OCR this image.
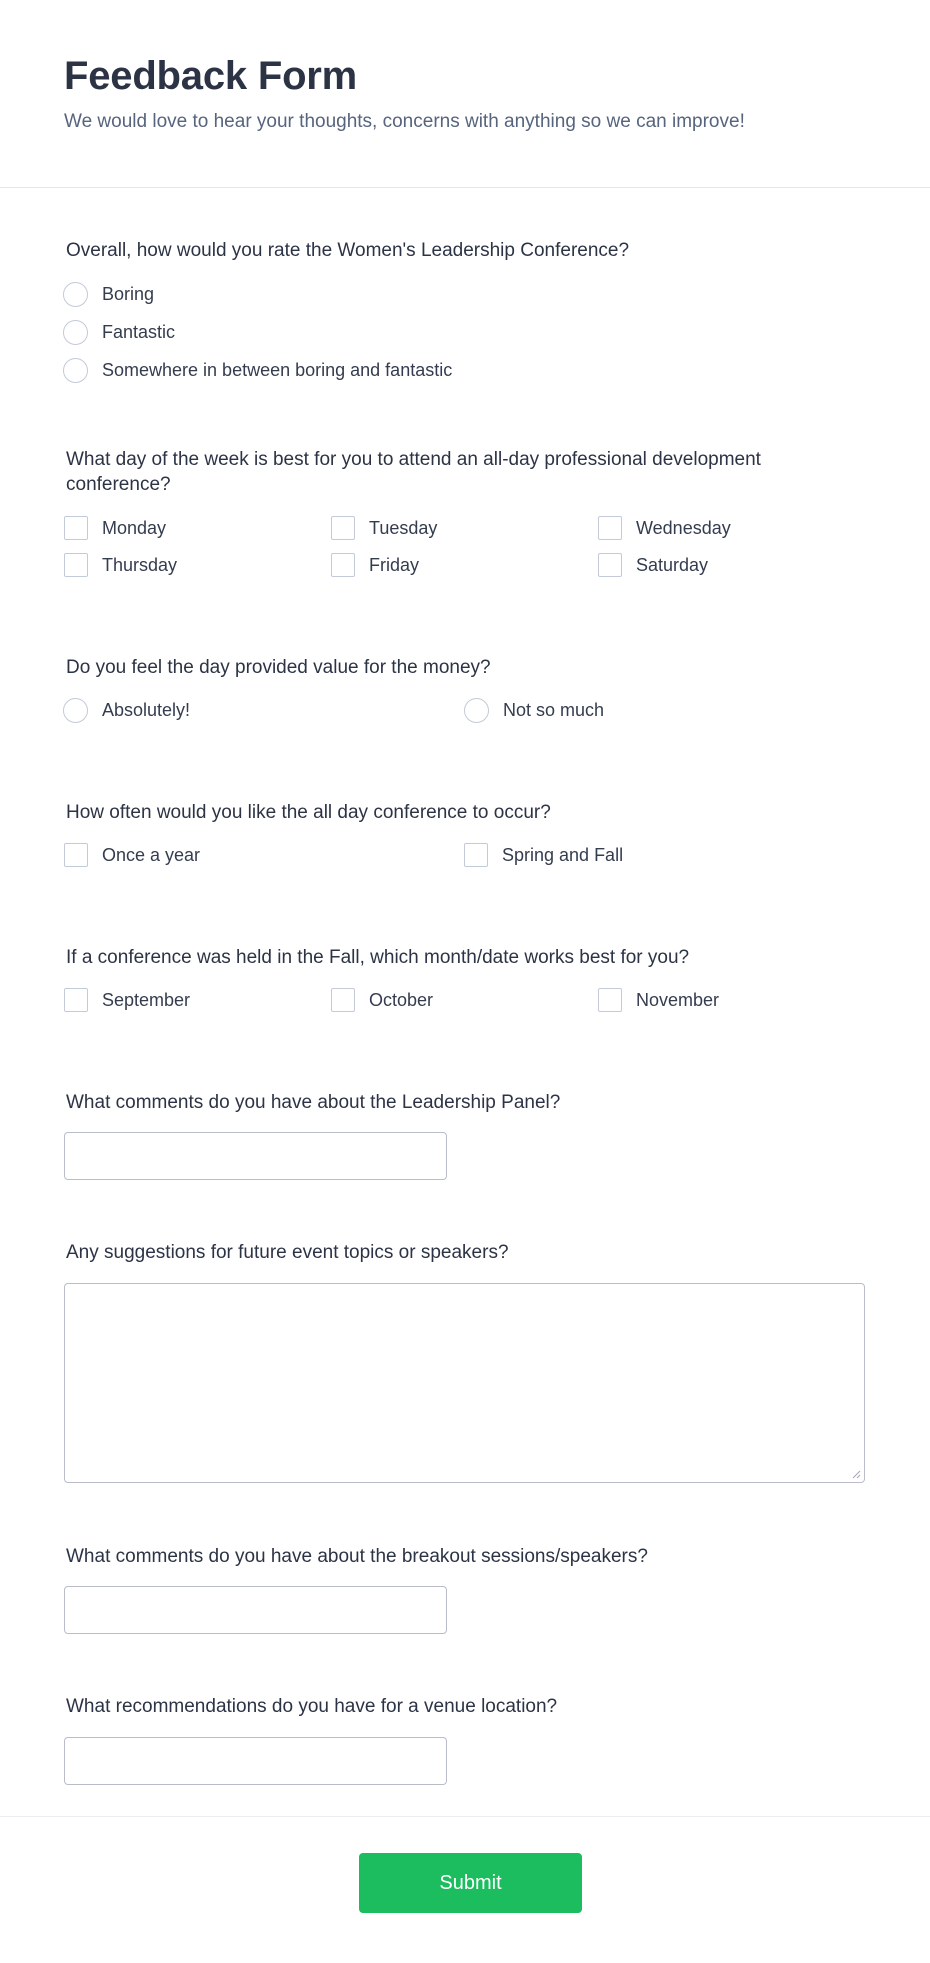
Feedback Form
We would love to hear your thoughts, concerns with anything so we can improve!
Overall, how would you rate the Women's Leadership Conference?
Boring
Fantastic
Somewhere in between boring and fantastic
What day of the week is best for you to attend an all-day professional development conference?
Monday	Tuesday	Wednesday
Thursday	Friday	Saturday
Do you feel the day provided value for the money?
Absolutely!	Not so much
How often would you like the all day conference to occur?
Once a year	Spring and Fall
If a conference was held in the Fall, which month/date works best for you?
September	October	November
What comments do you have about the Leadership Panel?
Any suggestions for future event topics or speakers?
What comments do you have about the breakout sessions/speakers?
What recommendations do you have for a venue location?
Submit
